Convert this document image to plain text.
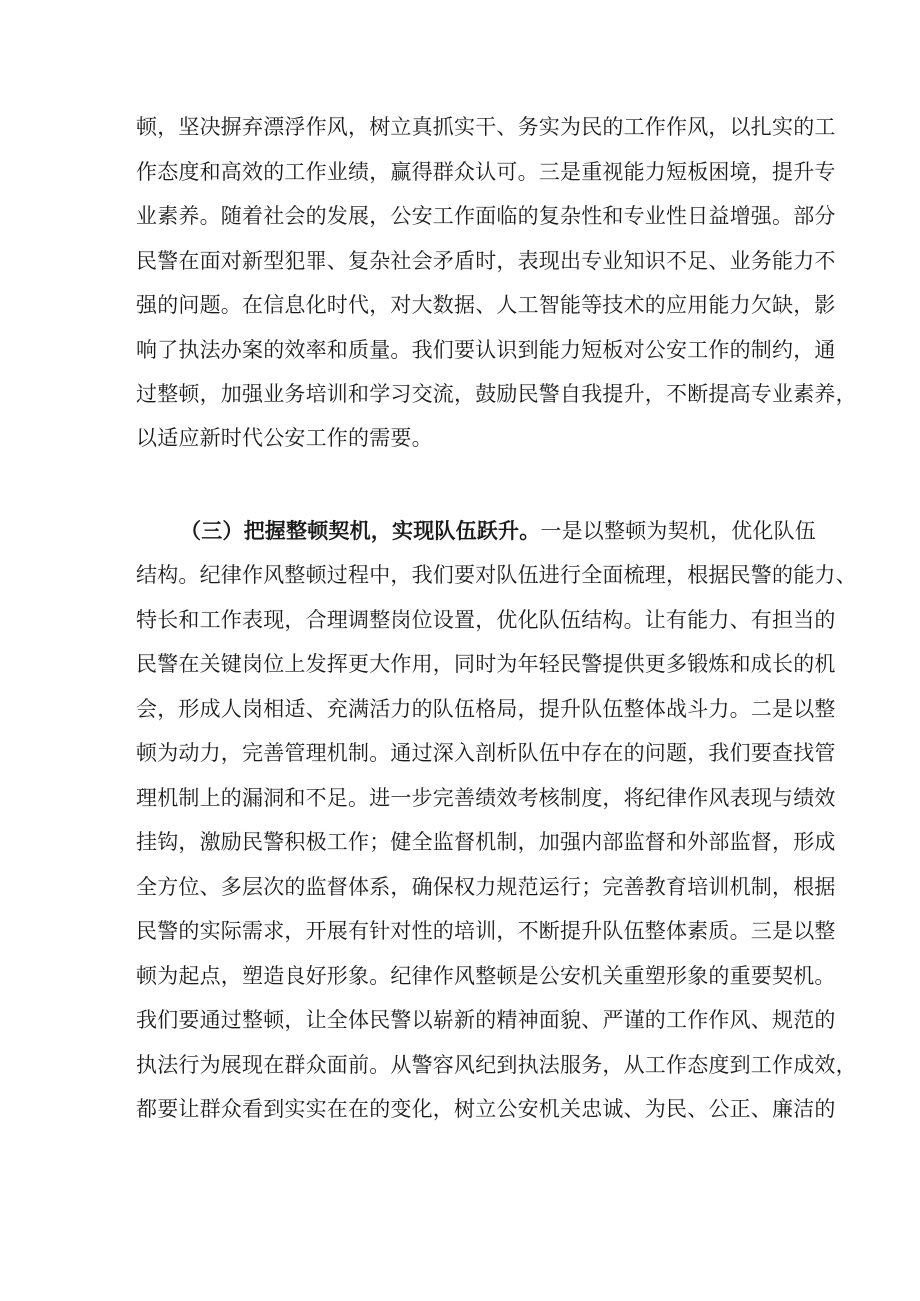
顿，坚决摒弃漂浮作风，树立真抓实干、务实为民的工作作风，以扎实的工
作态度和高效的工作业绩，赢得群众认可。三是重视能力短板困境，提升专
业素养。随着社会的发展，公安工作面临的复杂性和专业性日益增强。部分
民警在面对新型犯罪、复杂社会矛盾时，表现出专业知识不足、业务能力不
强的问题。在信息化时代，对大数据、人工智能等技术的应用能力欠缺，影
响了执法办案的效率和质量。我们要认识到能力短板对公安工作的制约，通
过整顿，加强业务培训和学习交流，鼓励民警自我提升，不断提高专业素养，
以适应新时代公安工作的需要。
（三）把握整顿契机，实现队伍跃升。一是以整顿为契机，优化队伍
结构。纪律作风整顿过程中，我们要对队伍进行全面梳理，根据民警的能力、
特长和工作表现，合理调整岗位设置，优化队伍结构。让有能力、有担当的
民警在关键岗位上发挥更大作用，同时为年轻民警提供更多锻炼和成长的机
会，形成人岗相适、充满活力的队伍格局，提升队伍整体战斗力。二是以整
顿为动力，完善管理机制。通过深入剖析队伍中存在的问题，我们要查找管
理机制上的漏洞和不足。进一步完善绩效考核制度，将纪律作风表现与绩效
挂钩，激励民警积极工作；健全监督机制，加强内部监督和外部监督，形成
全方位、多层次的监督体系，确保权力规范运行；完善教育培训机制，根据
民警的实际需求，开展有针对性的培训，不断提升队伍整体素质。三是以整
顿为起点，塑造良好形象。纪律作风整顿是公安机关重塑形象的重要契机。
我们要通过整顿，让全体民警以崭新的精神面貌、严谨的工作作风、规范的
执法行为展现在群众面前。从警容风纪到执法服务，从工作态度到工作成效，
都要让群众看到实实在在的变化，树立公安机关忠诚、为民、公正、廉洁的
